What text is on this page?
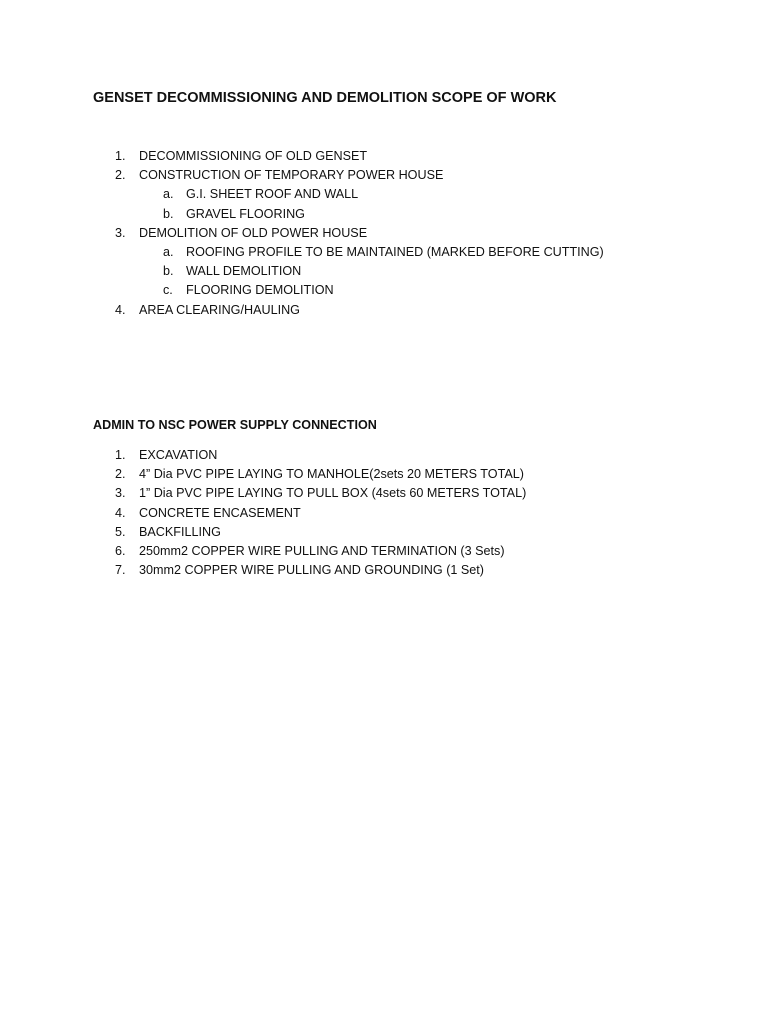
GENSET DECOMMISSIONING AND DEMOLITION SCOPE OF WORK
1.	DECOMMISSIONING OF OLD GENSET
2.	CONSTRUCTION OF TEMPORARY POWER HOUSE
a. G.I. SHEET ROOF AND WALL
b. GRAVEL FLOORING
3.	DEMOLITION OF OLD POWER HOUSE
a. ROOFING PROFILE TO BE MAINTAINED (MARKED BEFORE CUTTING)
b. WALL DEMOLITION
c.	FLOORING DEMOLITION
4.	AREA CLEARING/HAULING
ADMIN TO NSC POWER SUPPLY CONNECTION
1.	EXCAVATION
2.	4” Dia PVC PIPE LAYING TO MANHOLE(2sets 20 METERS TOTAL)
3.	1” Dia PVC PIPE LAYING TO PULL BOX (4sets 60 METERS TOTAL)
4.	CONCRETE ENCASEMENT
5.	BACKFILLING
6.	250mm2 COPPER WIRE PULLING AND TERMINATION (3 Sets)
7.	30mm2 COPPER WIRE PULLING AND GROUNDING (1 Set)
